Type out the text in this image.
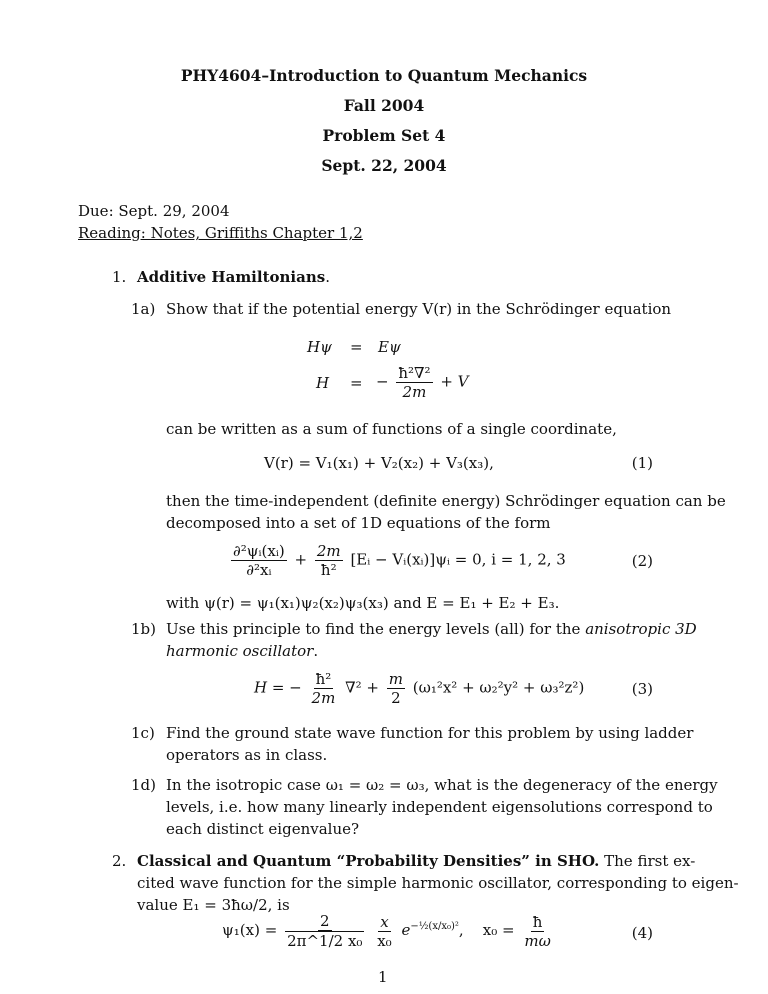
PHY4604–Introduction to Quantum Mechanics
Fall 2004
Problem Set 4
Sept. 22, 2004
Due: Sept. 29, 2004
Reading: Notes, Griffiths Chapter 1,2
1. Additive Hamiltonians.
1a) Show that if the potential energy V(r) in the Schrödinger equation
Hψ = Eψ
H = − $\frac{\text{ħ²∇²}}{2m} + V$
can be written as a sum of functions of a single coordinate,
V(r) = V₁(x₁) + V₂(x₂) + V₃(x₃),	(1)
then the time-independent (definite energy) Schrödinger equation can be
decomposed into a set of 1D equations of the form
$\frac{\text{∂²ψᵢ(xᵢ)}}{\text{∂²xᵢ}} + \frac{2m}{\text{ħ²}}$ [Eᵢ − Vᵢ(xᵢ)]ψᵢ = 0, i = 1, 2, 3	(2)
with ψ(r) = ψ₁(x₁)ψ₂(x₂)ψ₃(x₃) and E = E₁ + E₂ + E₃.
1b) Use this principle to find the energy levels (all) for the anisotropic 3D
harmonic oscillator.
H = − $\frac{\text{ħ²}}{2m} \nabla^2 + \frac{m}{2} (\omega_1^2x^2 + \omega_2^2y^2 + \omega_3^2z^2)$	(3)
1c) Find the ground state wave function for this problem by using ladder
operators as in class.
1d) In the isotropic case ω₁ = ω₂ = ω₃, what is the degeneracy of the energy
levels, i.e. how many linearly independent eigensolutions correspond to
each distinct eigenvalue?
2. Classical and Quantum “Probability Densities” in SHO. The first ex-
cited wave function for the simple harmonic oscillator, corresponding to eigen-
value E₁ = 3ħω/2, is
$\psi_1(x) = \frac{2}{\text{2π\textasciicircum{}1/2 x₀}}$
$\frac{x}{\text{x₀}} e^{-\frac{1}{2}(x/x_0)^2}$, $x_0 = \frac{ħ}{m\omega}$	(4)
1
